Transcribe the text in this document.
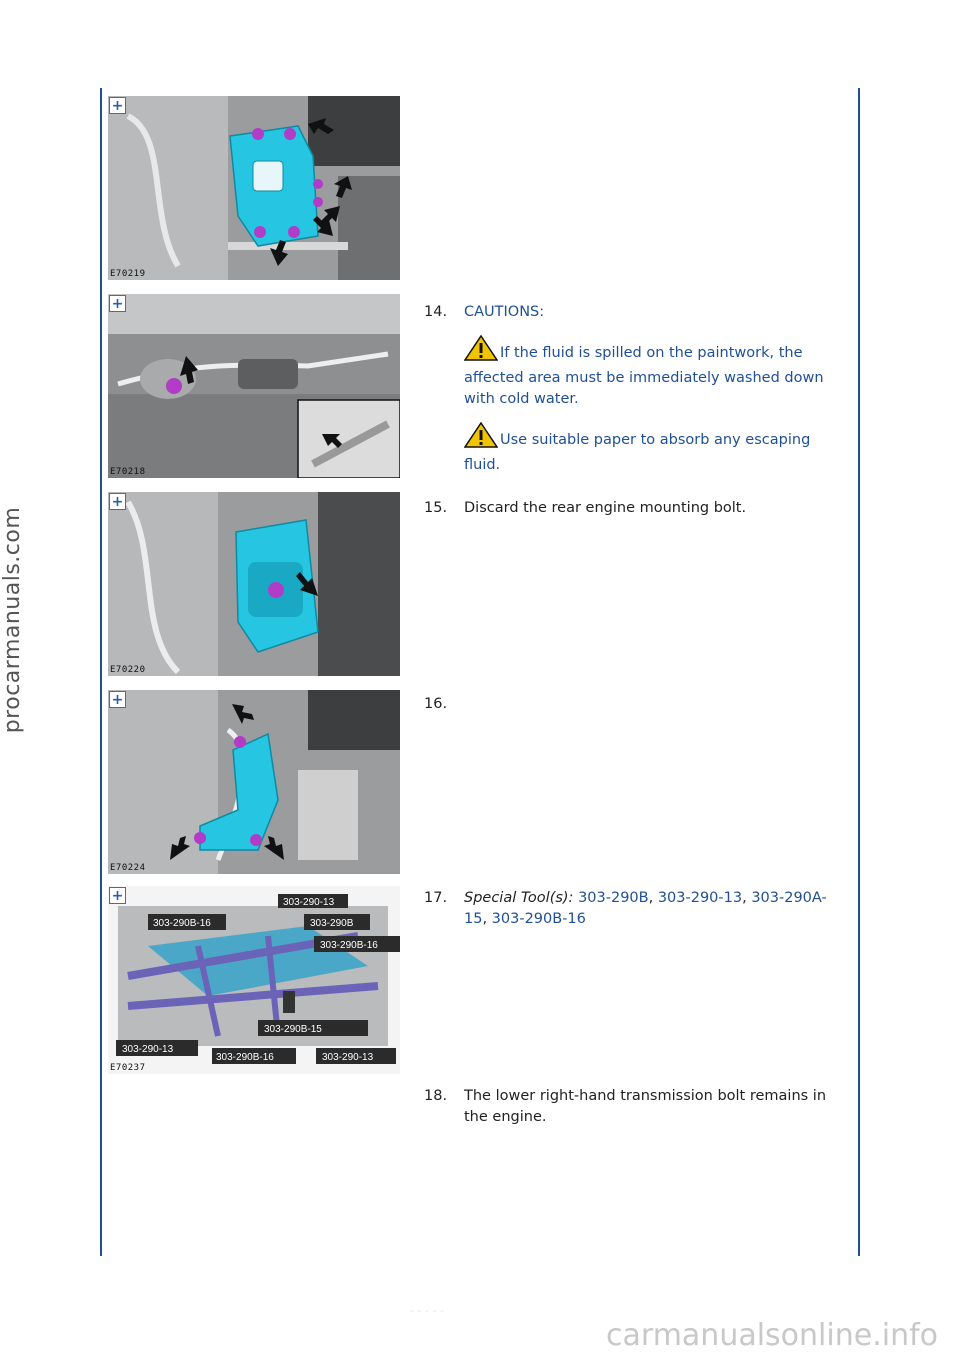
procarmanuals.com
- - - - -
+
E70219
+
E70218
+
E70220
+
E70224
303-290-13
303-290B-16	303-290B
303-290B-16
303-290B-15
303-290-13
303-290B-16	303-290-13
+
E70237
14. CAUTIONS:
If the fluid is spilled on the paintwork, the affected area must be immediately washed down with cold water.
Use suitable paper to absorb any escaping fluid.
15. Discard the rear engine mounting bolt.
16.
17. Special Tool(s): 303-290B, 303-290-13, 303-290A-15, 303-290B-16
18. The lower right-hand transmission bolt remains in the engine.
carmanualsonline.info
